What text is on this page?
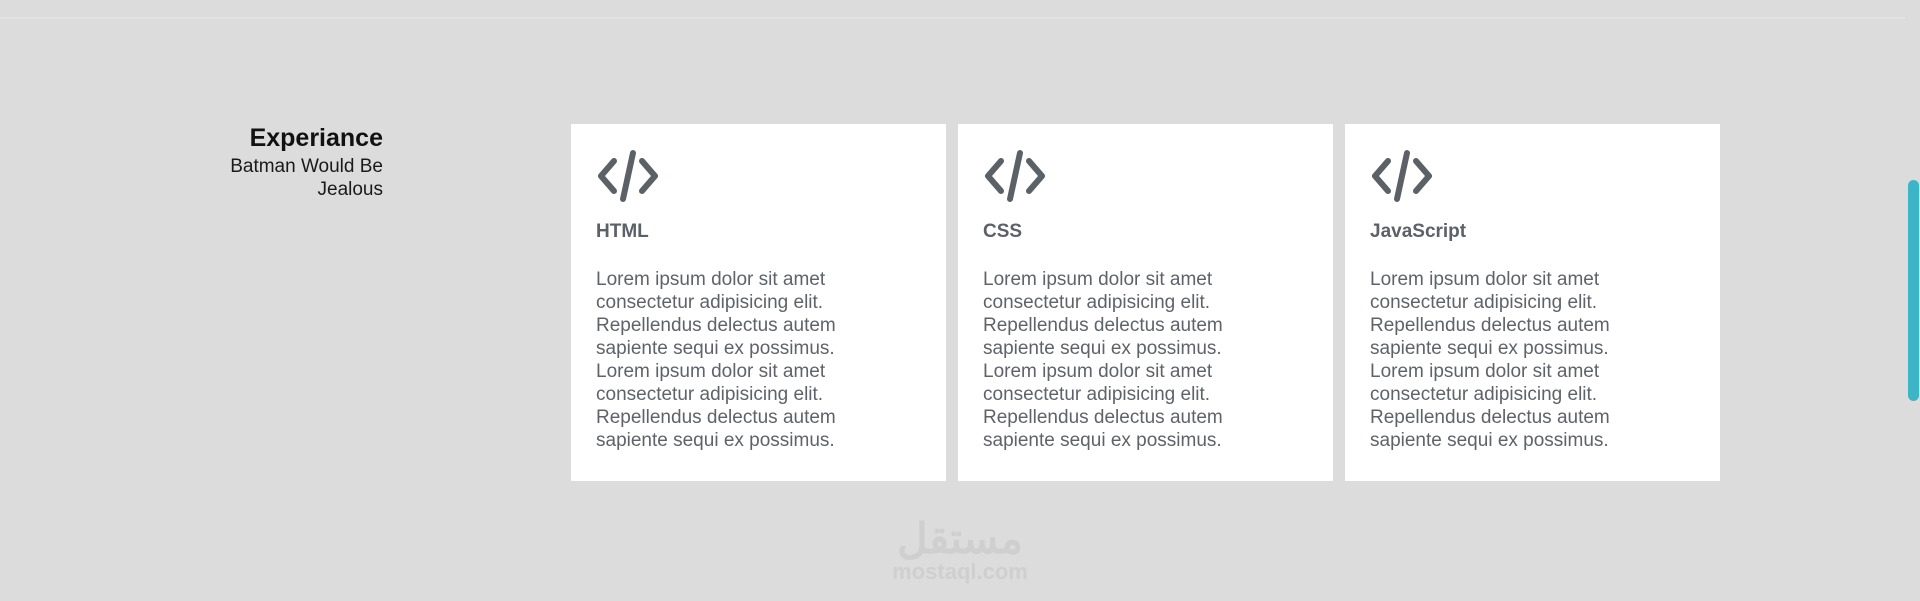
Experiance
Batman Would Be Jealous
HTML

Lorem ipsum dolor sit amet consectetur adipisicing elit. Repellendus delectus autem sapiente sequi ex possimus. Lorem ipsum dolor sit amet consectetur adipisicing elit. Repellendus delectus autem sapiente sequi ex possimus.

CSS

Lorem ipsum dolor sit amet consectetur adipisicing elit. Repellendus delectus autem sapiente sequi ex possimus. Lorem ipsum dolor sit amet consectetur adipisicing elit. Repellendus delectus autem sapiente sequi ex possimus.

JavaScript

Lorem ipsum dolor sit amet consectetur adipisicing elit. Repellendus delectus autem sapiente sequi ex possimus. Lorem ipsum dolor sit amet consectetur adipisicing elit. Repellendus delectus autem sapiente sequi ex possimus.

مستقل
mostaql.com
